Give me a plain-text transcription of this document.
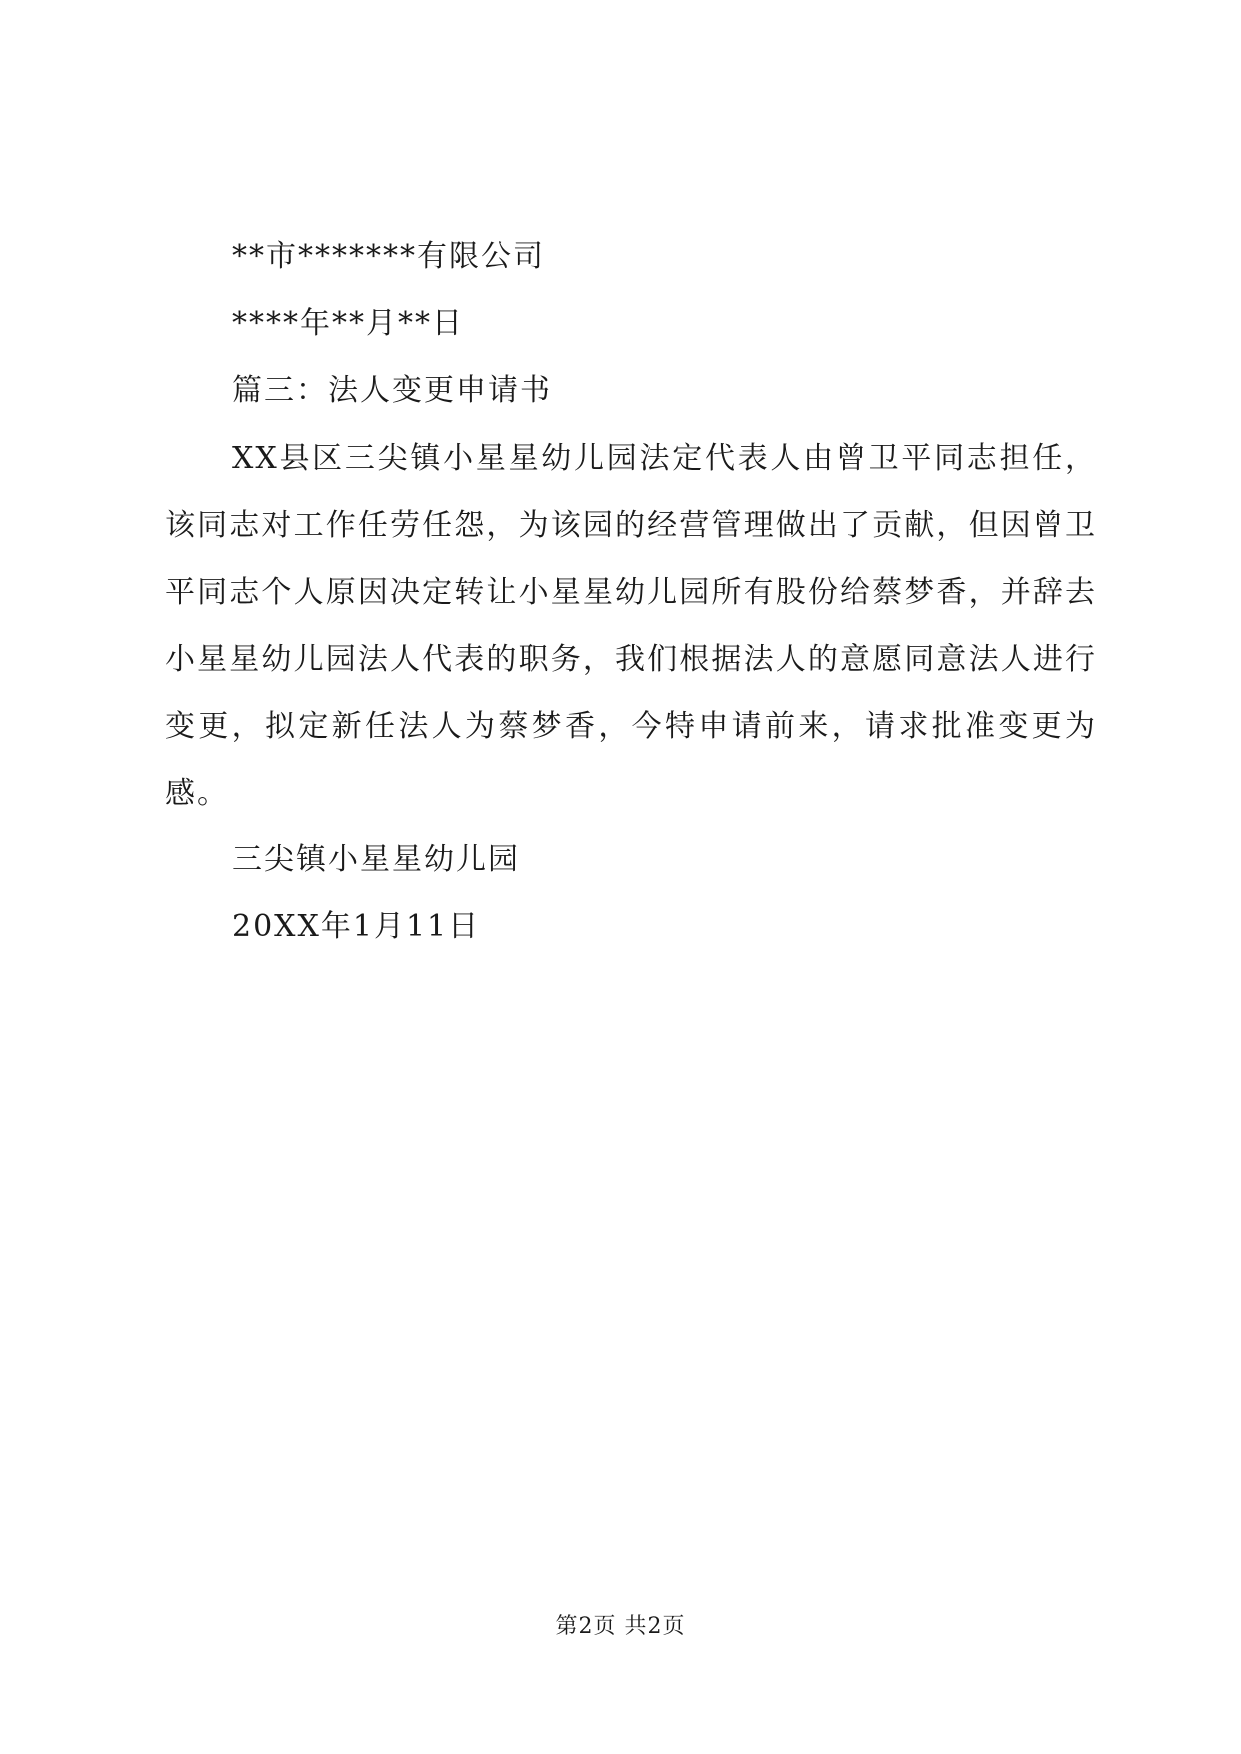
**市*******有限公司
****年**月**日
篇三：法人变更申请书

XX县区三尖镇小星星幼儿园法定代表人由曾卫平同志担任，该同志对工作任劳任怨，为该园的经营管理做出了贡献，但因曾卫平同志个人原因决定转让小星星幼儿园所有股份给蔡梦香，并辞去小星星幼儿园法人代表的职务，我们根据法人的意愿同意法人进行变更，拟定新任法人为蔡梦香，今特申请前来，请求批准变更为感。

三尖镇小星星幼儿园
20XX年1月11日
第2页 共2页
